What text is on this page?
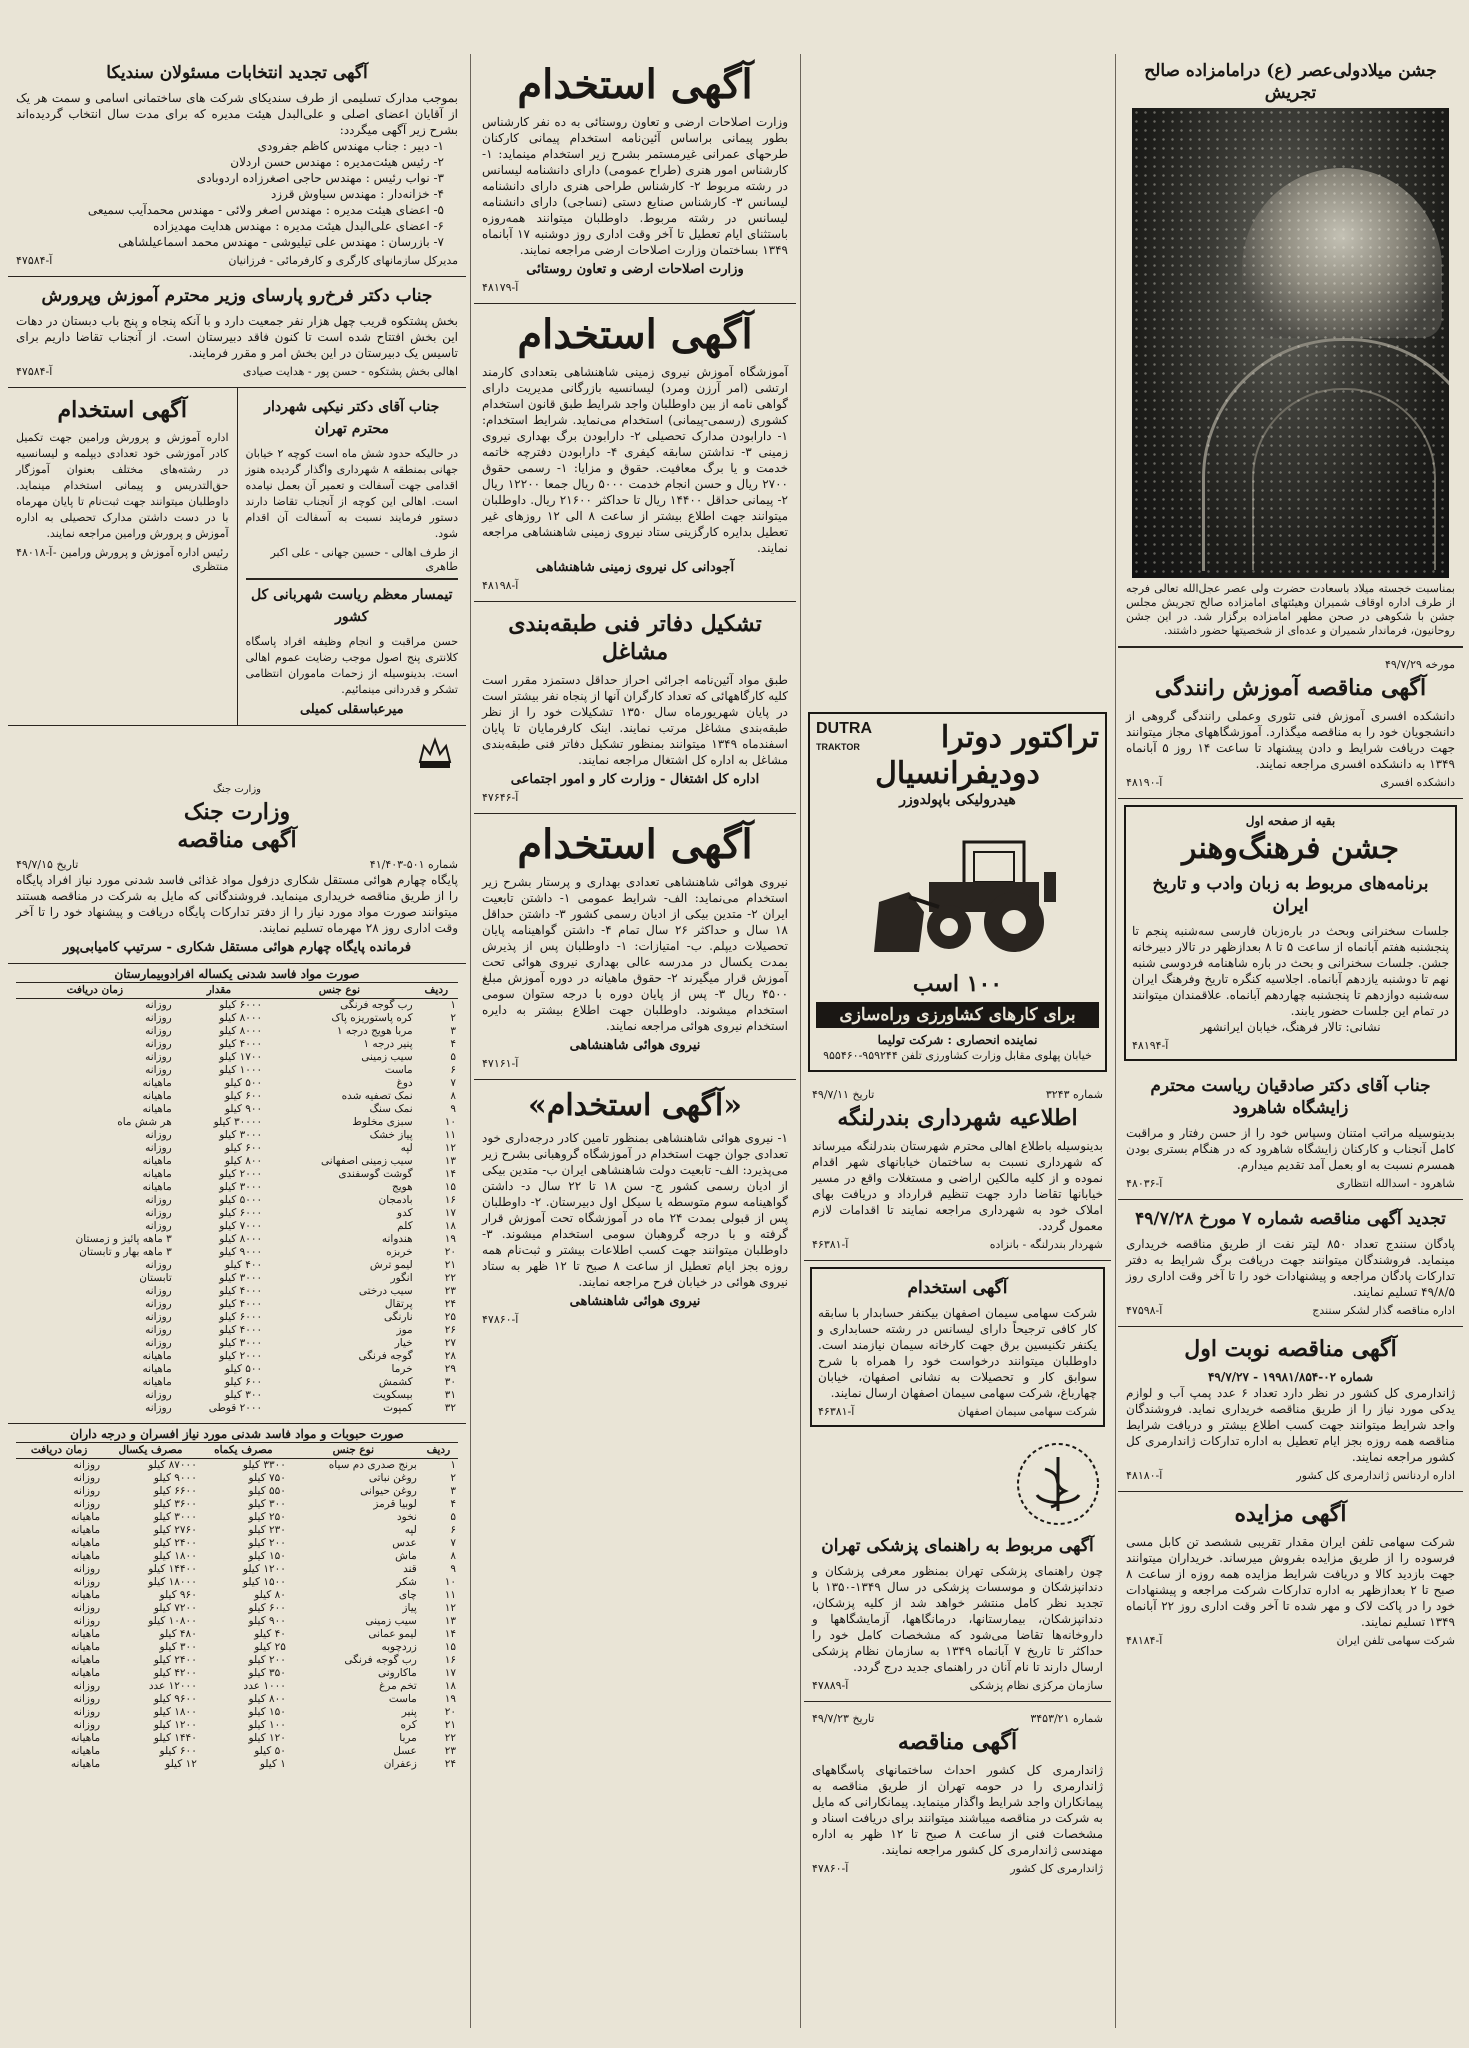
جشن میلادولی‌عصر (ع) درامامزاده صالح تجریش
بمناسبت خجسته میلاد باسعادت حضرت ولی عصر عجل‌الله تعالی فرجه از طرف اداره اوقاف شمیران وهیئتهای امامزاده صالح تجریش مجلس جشن با شکوهی در صحن مطهر امامزاده برگزار شد. در این جشن روحانیون، فرماندار شمیران و عده‌ای از شخصیتها حضور داشتند.
مورخه ۴۹/۷/۲۹
آگهی مناقصه آموزش رانندگی
دانشکده افسری آموزش فنی تئوری وعملی رانندگی گروهی از دانشجویان خود را به مناقصه میگذارد. آموزشگاههای مجاز میتوانند جهت دریافت شرایط و دادن پیشنهاد تا ساعت ۱۴ روز ۵ آبانماه ۱۳۴۹ به دانشکده افسری مراجعه نمایند.
دانشکده افسری
آ-۴۸۱۹۰
بقیه از صفحه اول
جشن فرهنگ‌وهنر
برنامه‌های مربوط به زبان وادب و تاریخ ایران
جلسات سخنرانی وبحث در باره‌زبان فارسی سه‌شنبه پنجم تا پنجشنبه هفتم آبانماه از ساعت ۵ تا ۸ بعدازظهر در تالار دبیرخانه جشن. جلسات سخنرانی و بحث در باره شاهنامه فردوسی شنبه نهم تا دوشنبه یازدهم آبانماه. اجلاسیه کنگره تاریخ وفرهنگ ایران سه‌شنبه دوازدهم تا پنجشنبه چهاردهم آبانماه. علاقمندان میتوانند در تمام این جلسات حضور یابند.
نشانی: تالار فرهنگ، خیابان ایرانشهر
آ-۴۸۱۹۴
جناب آقای دکتر صادقیان ریاست محترم زایشگاه شاهرود
بدینوسیله مراتب امتنان وسپاس خود را از حسن رفتار و مراقبت کامل آنجناب و کارکنان زایشگاه شاهرود که در هنگام بستری بودن همسرم نسبت به او بعمل آمد تقدیم میدارم.
شاهرود - اسدالله انتظاری
آ-۴۸۰۳۶
تجدید آگهی مناقصه شماره ۷ مورخ ۴۹/۷/۲۸
پادگان سنندج تعداد ۸۵۰ لیتر نفت از طریق مناقصه خریداری مینماید. فروشندگان میتوانند جهت دریافت برگ شرایط به دفتر تدارکات پادگان مراجعه و پیشنهادات خود را تا آخر وقت اداری روز ۴۹/۸/۵ تسلیم نمایند.
اداره مناقصه گذار لشکر سنندج
آ-۴۷۵۹۸
آگهی مناقصه نوبت اول
شماره ۰۲-۱۹۹۸۱/۸۵۴ - ۴۹/۷/۲۷
ژاندارمری کل کشور در نظر دارد تعداد ۶ عدد پمپ آب و لوازم یدکی مورد نیاز را از طریق مناقصه خریداری نماید. فروشندگان واجد شرایط میتوانند جهت کسب اطلاع بیشتر و دریافت شرایط مناقصه همه روزه بجز ایام تعطیل به اداره تدارکات ژاندارمری کل کشور مراجعه نمایند.
اداره اردنانس ژاندارمری کل کشور
آ-۴۸۱۸۰
آگهی مزایده
شرکت سهامی تلفن ایران مقدار تقریبی ششصد تن کابل مسی فرسوده را از طریق مزایده بفروش میرساند. خریداران میتوانند جهت بازدید کالا و دریافت شرایط مزایده همه روزه از ساعت ۸ صبح تا ۲ بعدازظهر به اداره تدارکات شرکت مراجعه و پیشنهادات خود را در پاکت لاک و مهر شده تا آخر وقت اداری روز ۲۲ آبانماه ۱۳۴۹ تسلیم نمایند.
شرکت سهامی تلفن ایران
آ-۴۸۱۸۴
آگهی استخدام
وزارت اصلاحات ارضی و تعاون روستائی به ده نفر کارشناس بطور پیمانی براساس آئین‌نامه استخدام پیمانی کارکنان طرحهای عمرانی غیرمستمر بشرح زیر استخدام مینماید: ۱- کارشناس امور هنری (طراح عمومی) دارای دانشنامه لیسانس در رشته مربوط ۲- کارشناس طراحی هنری دارای دانشنامه لیسانس ۳- کارشناس صنایع دستی (نساجی) دارای دانشنامه لیسانس در رشته مربوط. داوطلبان میتوانند همه‌روزه باستثنای ایام تعطیل تا آخر وقت اداری روز دوشنبه ۱۷ آبانماه ۱۳۴۹ بساختمان وزارت اصلاحات ارضی مراجعه نمایند.
وزارت اصلاحات ارضی و تعاون روستائی
آ-۴۸۱۷۹
آگهی استخدام
آموزشگاه آموزش نیروی زمینی شاهنشاهی بتعدادی کارمند ارتشی (امر آرزن ومرد) لیسانسیه بازرگانی مدیریت دارای گواهی نامه از بین داوطلبان واجد شرایط طبق قانون استخدام کشوری (رسمی-پیمانی) استخدام می‌نماید. شرایط استخدام: ۱- دارابودن مدارک تحصیلی ۲- دارابودن برگ بهداری نیروی زمینی ۳- نداشتن سابقه کیفری ۴- دارابودن دفترچه خاتمه خدمت و یا برگ معافیت. حقوق و مزایا: ۱- رسمی حقوق ۲۷۰۰ ریال و حسن انجام خدمت ۵۰۰۰ ریال جمعا ۱۲۲۰۰ ریال ۲- پیمانی حداقل ۱۴۴۰۰ ریال تا حداکثر ۲۱۶۰۰ ریال. داوطلبان میتوانند جهت اطلاع بیشتر از ساعت ۸ الی ۱۲ روزهای غیر تعطیل بدایره کارگزینی ستاد نیروی زمینی شاهنشاهی مراجعه نمایند.
آجودانی کل نیروی زمینی شاهنشاهی
آ-۴۸۱۹۸
تشکیل دفاتر فنی طبقه‌بندی مشاغل
طبق مواد آئین‌نامه اجرائی احراز حداقل دستمزد مقرر است کلیه کارگاههائی که تعداد کارگران آنها از پنجاه نفر بیشتر است در پایان شهریورماه سال ۱۳۵۰ تشکیلات خود را از نظر طبقه‌بندی مشاغل مرتب نمایند. اینک کارفرمایان تا پایان اسفندماه ۱۳۴۹ میتوانند بمنظور تشکیل دفاتر فنی طبقه‌بندی مشاغل به اداره کل اشتغال مراجعه نمایند.
اداره کل اشتغال - وزارت کار و امور اجتماعی
آ-۴۷۶۴۶
آگهی استخدام
نیروی هوائی شاهنشاهی تعدادی بهداری و پرستار بشرح زیر استخدام می‌نماید: الف- شرایط عمومی ۱- داشتن تابعیت ایران ۲- متدین بیکی از ادیان رسمی کشور ۳- داشتن حداقل ۱۸ سال و حداکثر ۲۶ سال تمام ۴- داشتن گواهینامه پایان تحصیلات دیپلم. ب- امتیازات: ۱- داوطلبان پس از پذیرش بمدت یکسال در مدرسه عالی بهداری نیروی هوائی تحت آموزش قرار میگیرند ۲- حقوق ماهیانه در دوره آموزش مبلغ ۴۵۰۰ ریال ۳- پس از پایان دوره با درجه ستوان سومی استخدام میشوند. داوطلبان جهت اطلاع بیشتر به دایره استخدام نیروی هوائی مراجعه نمایند.
نیروی هوائی شاهنشاهی
آ-۴۷۱۶۱
«آگهی استخدام»
۱- نیروی هوائی شاهنشاهی بمنظور تامین کادر درجه‌داری خود تعدادی جوان جهت استخدام در آموزشگاه گروهبانی بشرح زیر می‌پذیرد: الف- تابعیت دولت شاهنشاهی ایران ب- متدین بیکی از ادیان رسمی کشور ج- سن ۱۸ تا ۲۲ سال د- داشتن گواهینامه سوم متوسطه یا سیکل اول دبیرستان. ۲- داوطلبان پس از قبولی بمدت ۲۴ ماه در آموزشگاه تحت آموزش قرار گرفته و با درجه گروهبان سومی استخدام میشوند. ۳- داوطلبان میتوانند جهت کسب اطلاعات بیشتر و ثبت‌نام همه روزه بجز ایام تعطیل از ساعت ۸ صبح تا ۱۲ ظهر به ستاد نیروی هوائی در خیابان فرح مراجعه نمایند.
نیروی هوائی شاهنشاهی
آ-۴۷۸۶۰
تراکتور دوترا
DUTRA
TRAKTOR
دودیفرانسیال
هیدرولیکی باپولدوزر
۱۰۰ اسب
برای کارهای کشاورزی وراه‌سازی
نماینده انحصاری : شرکت تولیما
خیابان پهلوی مقابل وزارت کشاورزی تلفن ۹۵۹۲۴۴-۹۵۵۴۶۰
شماره ۳۲۴۳
تاریخ ۴۹/۷/۱۱
اطلاعیه شهرداری بندرلنگه
بدینوسیله باطلاع اهالی محترم شهرستان بندرلنگه میرساند که شهرداری نسبت به ساختمان خیابانهای شهر اقدام نموده و از کلیه مالکین اراضی و مستغلات واقع در مسیر خیابانها تقاضا دارد جهت تنظیم قرارداد و دریافت بهای املاک خود به شهرداری مراجعه نمایند تا اقدامات لازم معمول گردد.
شهردار بندرلنگه - بانزاده
آ-۴۶۳۸۱
آگهی استخدام
شرکت سهامی سیمان اصفهان بیکنفر حسابدار با سابقه کار کافی ترجیحاً دارای لیسانس در رشته حسابداری و یکنفر تکنیسین برق جهت کارخانه سیمان نیازمند است. داوطلبان میتوانند درخواست خود را همراه با شرح سوابق کار و تحصیلات به نشانی اصفهان، خیابان چهارباغ، شرکت سهامی سیمان اصفهان ارسال نمایند.
شرکت سهامی سیمان اصفهان
آ-۴۶۳۸۱
آگهی مربوط به راهنمای پزشکی تهران
چون راهنمای پزشکی تهران بمنظور معرفی پزشکان و دندانپزشکان و موسسات پزشکی در سال ۱۳۴۹-۱۳۵۰ با تجدید نظر کامل منتشر خواهد شد از کلیه پزشکان، دندانپزشکان، بیمارستانها، درمانگاهها، آزمایشگاهها و داروخانه‌ها تقاضا می‌شود که مشخصات کامل خود را حداکثر تا تاریخ ۷ آبانماه ۱۳۴۹ به سازمان نظام پزشکی ارسال دارند تا نام آنان در راهنمای جدید درج گردد.
سازمان مرکزی نظام پزشکی
آ-۴۷۸۸۹
شماره ۳۴۵۳/۲۱
تاریخ ۴۹/۷/۲۳
آگهی مناقصه
ژاندارمری کل کشور احداث ساختمانهای پاسگاههای ژاندارمری را در حومه تهران از طریق مناقصه به پیمانکاران واجد شرایط واگذار مینماید. پیمانکارانی که مایل به شرکت در مناقصه میباشند میتوانند برای دریافت اسناد و مشخصات فنی از ساعت ۸ صبح تا ۱۲ ظهر به اداره مهندسی ژاندارمری کل کشور مراجعه نمایند.
ژاندارمری کل کشور
آ-۴۷۸۶۰
آگهی تجدید انتخابات مسئولان سندیکا
بموجب مدارک تسلیمی از طرف سندیکای شرکت های ساختمانی اسامی و سمت هر یک از آقایان اعضای اصلی و علی‌البدل هیئت مدیره که برای مدت سال انتخاب گردیده‌اند بشرح زیر آگهی میگردد:
۱- دبیر : جناب مهندس کاظم جفرودی
۲- رئیس هیئت‌مدیره : مهندس حسن اردلان
۳- نواب رئیس : مهندس حاجی اصغرزاده اردوبادی
۴- خزانه‌دار : مهندس سیاوش قرزد
۵- اعضای هیئت مدیره : مهندس اصغر ولائی - مهندس محمدآیب سمیعی
۶- اعضای علی‌البدل هیئت مدیره : مهندس هدایت مهدیزاده
۷- بازرسان : مهندس علی تیلیوشی - مهندس محمد اسماعیلشاهی
مدیرکل سازمانهای کارگری و کارفرمائی - فرزانیان
آ-۴۷۵۸۴
جناب دکتر فرخ‌رو پارسای وزیر محترم آموزش وپرورش
بخش پشتکوه قریب چهل هزار نفر جمعیت دارد و با آنکه پنجاه و پنج باب دبستان در دهات این بخش افتتاح شده است تا کنون فاقد دبیرستان است. از آنجناب تقاضا داریم برای تاسیس یک دبیرستان در این بخش امر و مقرر فرمایند.
اهالی بخش پشتکوه - حسن پور - هدایت صیادی
آ-۴۷۵۸۴
جناب آقای دکتر نیکپی شهردار محترم تهران
در حالیکه حدود شش ماه است کوچه ۲ خیابان جهانی بمنطقه ۸ شهرداری واگذار گردیده هنوز اقدامی جهت آسفالت و تعمیر آن بعمل نیامده است. اهالی این کوچه از آنجناب تقاضا دارند دستور فرمایند نسبت به آسفالت آن اقدام شود.
از طرف اهالی - حسین جهانی - علی اکبر طاهری
تیمسار معظم ریاست شهربانی کل کشور
حسن مراقبت و انجام وظیفه افراد پاسگاه کلانتری پنج اصول موجب رضایت عموم اهالی است. بدینوسیله از زحمات ماموران انتظامی تشکر و قدردانی مینمائیم.
میرعباسقلی کمیلی
آگهی استخدام
اداره آموزش و پرورش ورامین جهت تکمیل کادر آموزشی خود تعدادی دیپلمه و لیسانسیه در رشته‌های مختلف بعنوان آموزگار حق‌التدریس و پیمانی استخدام مینماید. داوطلبان میتوانند جهت ثبت‌نام تا پایان مهرماه با در دست داشتن مدارک تحصیلی به اداره آموزش و پرورش ورامین مراجعه نمایند.
رئیس اداره آموزش و پرورش ورامین - منتظری
آ-۴۸۰۱۸
وزارت جنگ
وزارت جنک
آگهی مناقصه
شماره ۵۰۱-۴۱/۴۰۳
تاریخ ۴۹/۷/۱۵
پایگاه چهارم هوائی مستقل شکاری دزفول مواد غذائی فاسد شدنی مورد نیاز افراد پایگاه را از طریق مناقصه خریداری مینماید. فروشندگانی که مایل به شرکت در مناقصه هستند میتوانند صورت مواد مورد نیاز را از دفتر تدارکات پایگاه دریافت و پیشنهاد خود را تا آخر وقت اداری روز ۲۸ مهرماه تسلیم نمایند.
فرمانده پایگاه چهارم هوائی مستقل شکاری - سرتیپ کامیابی‌پور
صورت مواد فاسد شدنی یکساله افرادوبیمارستان
ردیف	نوع جنس	مقدار	زمان دریافت
۱	رب گوجه فرنگی	۶۰۰۰ کیلو	روزانه
۲	کره پاستوریزه پاک	۸۰۰۰ کیلو	روزانه
۳	مربا هویج درجه ۱	۸۰۰۰ کیلو	روزانه
۴	پنیر درجه ۱	۴۰۰۰ کیلو	روزانه
۵	سیب زمینی	۱۷۰۰ کیلو	روزانه
۶	ماست	۱۰۰۰ کیلو	روزانه
۷	دوغ	۵۰۰ کیلو	ماهیانه
۸	نمک تصفیه شده	۶۰۰ کیلو	ماهیانه
۹	نمک سنگ	۹۰۰ کیلو	ماهیانه
۱۰	سبزی مخلوط	۳۰۰۰۰ کیلو	هر شش ماه
۱۱	پیاز خشک	۳۰۰۰ کیلو	روزانه
۱۲	لپه	۶۰۰ کیلو	روزانه
۱۳	سیب زمینی اصفهانی	۸۰۰ کیلو	ماهیانه
۱۴	گوشت گوسفندی	۲۰۰۰ کیلو	ماهیانه
۱۵	هویج	۳۰۰۰ کیلو	ماهیانه
۱۶	بادمجان	۵۰۰۰ کیلو	روزانه
۱۷	کدو	۶۰۰۰ کیلو	روزانه
۱۸	کلم	۷۰۰۰ کیلو	روزانه
۱۹	هندوانه	۸۰۰۰ کیلو	۳ ماهه پائیز و زمستان
۲۰	خربزه	۹۰۰۰ کیلو	۳ ماهه بهار و تابستان
۲۱	لیمو ترش	۴۰۰ کیلو	روزانه
۲۲	انگور	۳۰۰۰ کیلو	تابستان
۲۳	سیب درختی	۴۰۰۰ کیلو	روزانه
۲۴	پرتقال	۴۰۰۰ کیلو	روزانه
۲۵	نارنگی	۶۰۰۰ کیلو	روزانه
۲۶	موز	۴۰۰۰ کیلو	روزانه
۲۷	خیار	۳۰۰۰ کیلو	روزانه
۲۸	گوجه فرنگی	۲۰۰۰ کیلو	ماهیانه
۲۹	خرما	۵۰۰ کیلو	ماهیانه
۳۰	کشمش	۶۰۰ کیلو	ماهیانه
۳۱	بیسکویت	۳۰۰ کیلو	روزانه
۳۲	کمپوت	۲۰۰۰ قوطی	روزانه
صورت حبوبات و مواد فاسد شدنی مورد نیاز افسران و درجه داران
ردیف	نوع جنس	مصرف یکماه	مصرف یکسال	زمان دریافت
۱	برنج صدری دم سیاه	۳۳۰۰ کیلو	۸۷۰۰۰ کیلو	روزانه
۲	روغن نباتی	۷۵۰ کیلو	۹۰۰۰ کیلو	روزانه
۳	روغن حیوانی	۵۵۰ کیلو	۶۶۰۰ کیلو	روزانه
۴	لوبیا قرمز	۳۰۰ کیلو	۳۶۰۰ کیلو	روزانه
۵	نخود	۲۵۰ کیلو	۳۰۰۰ کیلو	ماهیانه
۶	لپه	۲۳۰ کیلو	۲۷۶۰ کیلو	ماهیانه
۷	عدس	۲۰۰ کیلو	۲۴۰۰ کیلو	ماهیانه
۸	ماش	۱۵۰ کیلو	۱۸۰۰ کیلو	ماهیانه
۹	قند	۱۲۰۰ کیلو	۱۴۴۰۰ کیلو	روزانه
۱۰	شکر	۱۵۰۰ کیلو	۱۸۰۰۰ کیلو	روزانه
۱۱	چای	۸۰ کیلو	۹۶۰ کیلو	ماهیانه
۱۲	پیاز	۶۰۰ کیلو	۷۲۰۰ کیلو	روزانه
۱۳	سیب زمینی	۹۰۰ کیلو	۱۰۸۰۰ کیلو	روزانه
۱۴	لیمو عمانی	۴۰ کیلو	۴۸۰ کیلو	ماهیانه
۱۵	زردچوبه	۲۵ کیلو	۳۰۰ کیلو	ماهیانه
۱۶	رب گوجه فرنگی	۲۰۰ کیلو	۲۴۰۰ کیلو	ماهیانه
۱۷	ماکارونی	۳۵۰ کیلو	۴۲۰۰ کیلو	ماهیانه
۱۸	تخم مرغ	۱۰۰۰ عدد	۱۲۰۰۰ عدد	روزانه
۱۹	ماست	۸۰۰ کیلو	۹۶۰۰ کیلو	روزانه
۲۰	پنیر	۱۵۰ کیلو	۱۸۰۰ کیلو	روزانه
۲۱	کره	۱۰۰ کیلو	۱۲۰۰ کیلو	روزانه
۲۲	مربا	۱۲۰ کیلو	۱۴۴۰ کیلو	ماهیانه
۲۳	عسل	۵۰ کیلو	۶۰۰ کیلو	ماهیانه
۲۴	زعفران	۱ کیلو	۱۲ کیلو	ماهیانه
